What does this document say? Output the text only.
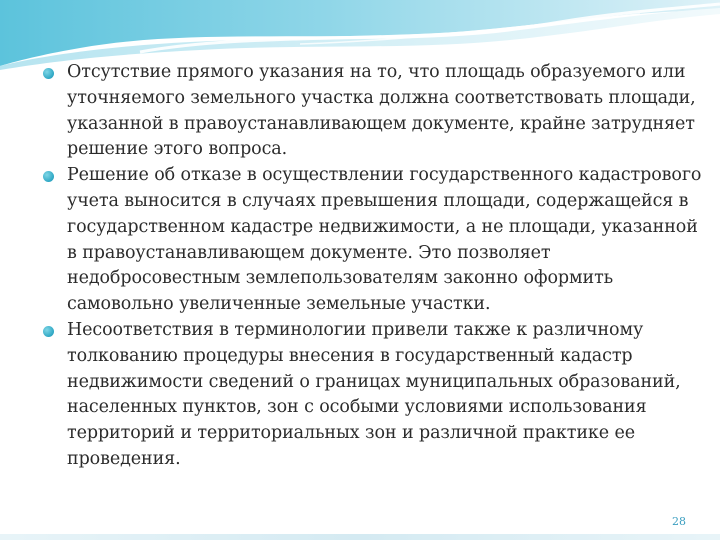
Отсутствие прямого указания на то, что площадь образуемого или уточняемого земельного участка должна соответствовать площади, указанной в правоустанавливающем документе, крайне затрудняет решение этого вопроса.
Решение об отказе в осуществлении государственного кадастрового учета выносится в случаях превышения площади, содержащейся в государственном кадастре недвижимости, а не площади, указанной в правоустанавливающем документе. Это позволяет недобросовестным землепользователям законно оформить самовольно увеличенные земельные участки.
Несоответствия в терминологии привели также к различному толкованию процедуры внесения в государственный кадастр недвижимости сведений о границах муниципальных образований, населенных пунктов, зон с особыми условиями использования территорий и территориальных зон и различной практике ее проведения.
28
